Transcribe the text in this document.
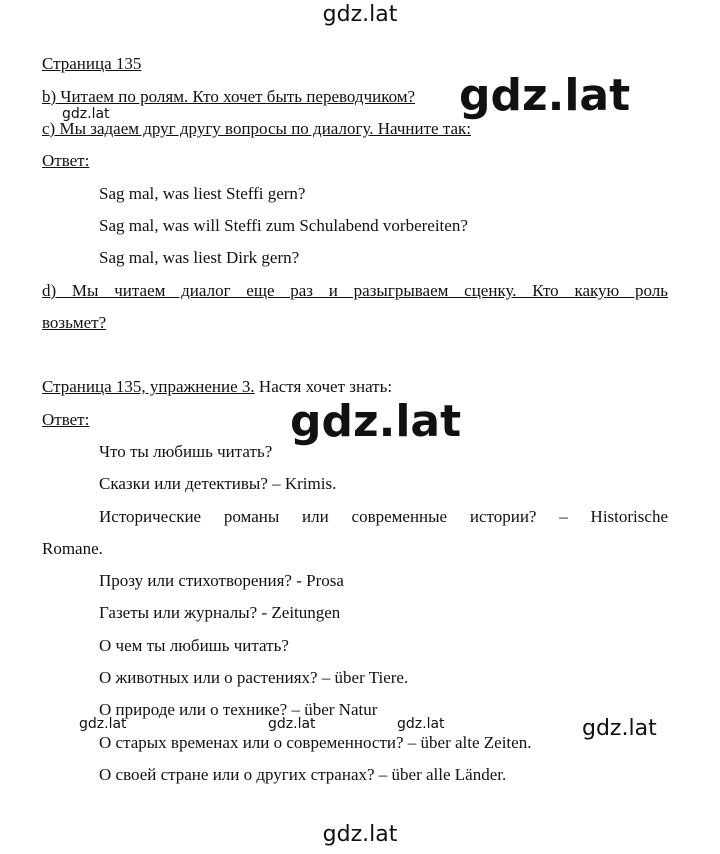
Страница 135
b) Читаем по ролям. Кто хочет быть переводчиком?
c) Мы задаем друг другу вопросы по диалогу. Начните так:
Ответ:
Sag mal, was liest Steffi gern?
Sag mal, was will Steffi zum Schulabend vorbereiten?
Sag mal, was liest Dirk gern?
d) Мы читаем диалог еще раз и разыгрываем сценку. Кто какую роль
возьмет?
Страница 135, упражнение 3. Настя хочет знать:
Ответ:
Что ты любишь читать?
Сказки или детективы? – Krimis.
Исторические романы или современные истории? – Historische
Romane.
Прозу или стихотворения? - Prosa
Газеты или журналы? - Zeitungen
О чем ты любишь читать?
О животных или о растениях? – über Tiere.
О природе или о технике? – über Natur
О старых временах или о современности? – über alte Zeiten.
О своей стране или о других странах? – über alle Länder.
gdz.lat
gdz.lat
gdz.lat
gdz.lat
gdz.lat	gdz.lat	gdz.lat	gdz.lat
gdz.lat
